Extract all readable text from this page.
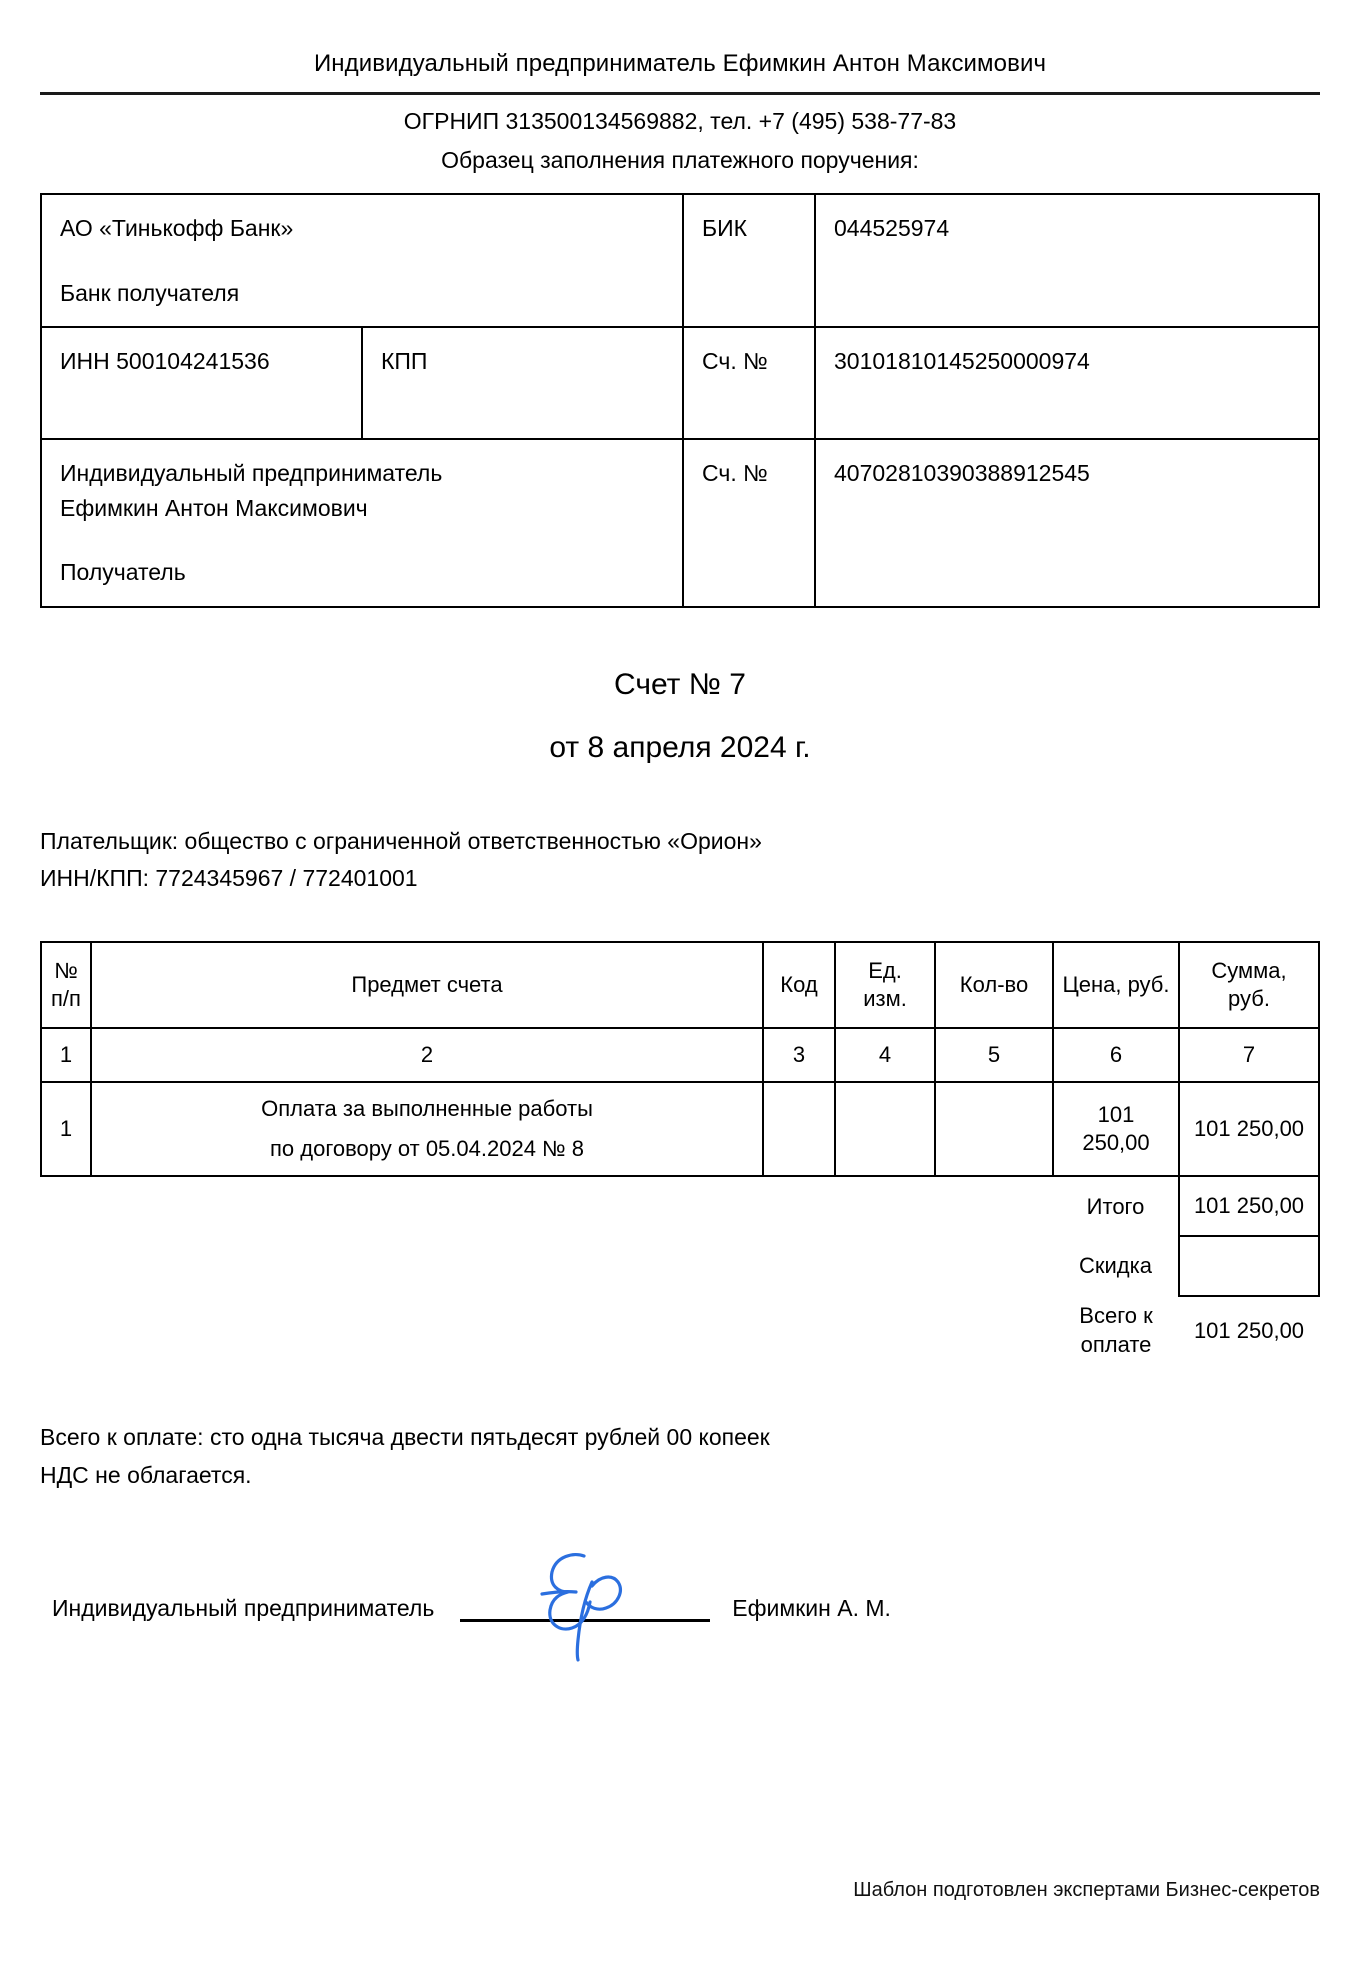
Индивидуальный предприниматель Ефимкин Антон Максимович
ОГРНИП 313500134569882, тел. +7 (495) 538-77-83
Образец заполнения платежного поручения:
АО «Тинькофф Банк»
Банк получателя		БИК	044525974
ИНН 500104241536	КПП	Сч. №	30101810145250000974
Индивидуальный предприниматель
Ефимкин Антон Максимович
Получатель		Сч. №	40702810390388912545
Счет № 7
от 8 апреля 2024 г.
Плательщик: общество с ограниченной ответственностью «Орион»
ИНН/КПП: 7724345967 / 772401001
№
п/п	Предмет счета	Код	Ед. изм.	Кол-во	Цена, руб.	Сумма, руб.
1	2	3	4	5	6	7
1	Оплата за выполненные работы
по договору от 05.04.2024 № 8				101 250,00	101 250,00
					Итого	101 250,00
					Скидка	
					Всего к оплате	101 250,00
Всего к оплате: сто одна тысяча двести пятьдесят рублей 00 копеек
НДС не облагается.
Индивидуальный предприниматель	Ефимкин А. М.
Шаблон подготовлен экспертами Бизнес-секретов
